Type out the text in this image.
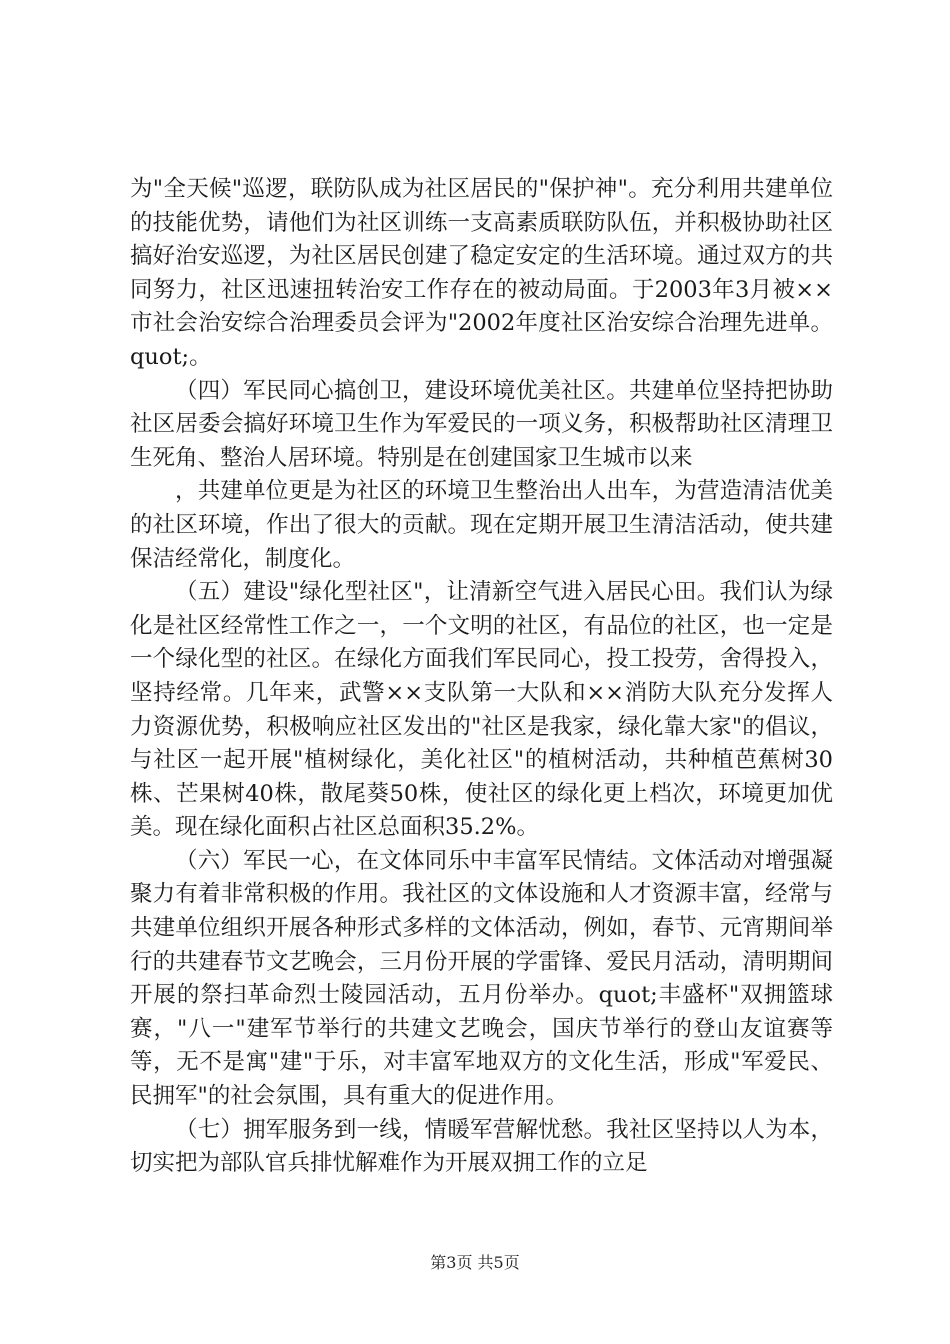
为"全天候"巡逻，联防队成为社区居民的"保护神"。充分利用共建单位的技能优势，请他们为社区训练一支高素质联防队伍，并积极协助社区搞好治安巡逻，为社区居民创建了稳定安定的生活环境。通过双方的共同努力，社区迅速扭转治安工作存在的被动局面。于2003年3月被××市社会治安综合治理委员会评为"2002年度社区治安综合治理先进单。quot;。

（四）军民同心搞创卫，建设环境优美社区。共建单位坚持把协助社区居委会搞好环境卫生作为军爱民的一项义务，积极帮助社区清理卫生死角、整治人居环境。特别是在创建国家卫生城市以来

，共建单位更是为社区的环境卫生整治出人出车，为营造清洁优美的社区环境，作出了很大的贡献。现在定期开展卫生清洁活动，使共建保洁经常化，制度化。

（五）建设"绿化型社区"，让清新空气进入居民心田。我们认为绿化是社区经常性工作之一，一个文明的社区，有品位的社区，也一定是一个绿化型的社区。在绿化方面我们军民同心，投工投劳，舍得投入，坚持经常。几年来，武警××支队第一大队和××消防大队充分发挥人力资源优势，积极响应社区发出的"社区是我家，绿化靠大家"的倡议，与社区一起开展"植树绿化，美化社区"的植树活动，共种植芭蕉树30株、芒果树40株，散尾葵50株，使社区的绿化更上档次，环境更加优美。现在绿化面积占社区总面积35.2%。

（六）军民一心，在文体同乐中丰富军民情结。文体活动对增强凝聚力有着非常积极的作用。我社区的文体设施和人才资源丰富，经常与共建单位组织开展各种形式多样的文体活动，例如，春节、元宵期间举行的共建春节文艺晚会，三月份开展的学雷锋、爱民月活动，清明期间开展的祭扫革命烈士陵园活动，五月份举办。quot;丰盛杯"双拥篮球赛，"八一"建军节举行的共建文艺晚会，国庆节举行的登山友谊赛等等，无不是寓"建"于乐，对丰富军地双方的文化生活，形成"军爱民、民拥军"的社会氛围，具有重大的促进作用。

（七）拥军服务到一线，情暖军营解忧愁。我社区坚持以人为本，切实把为部队官兵排忧解难作为开展双拥工作的立足

第3页 共5页
